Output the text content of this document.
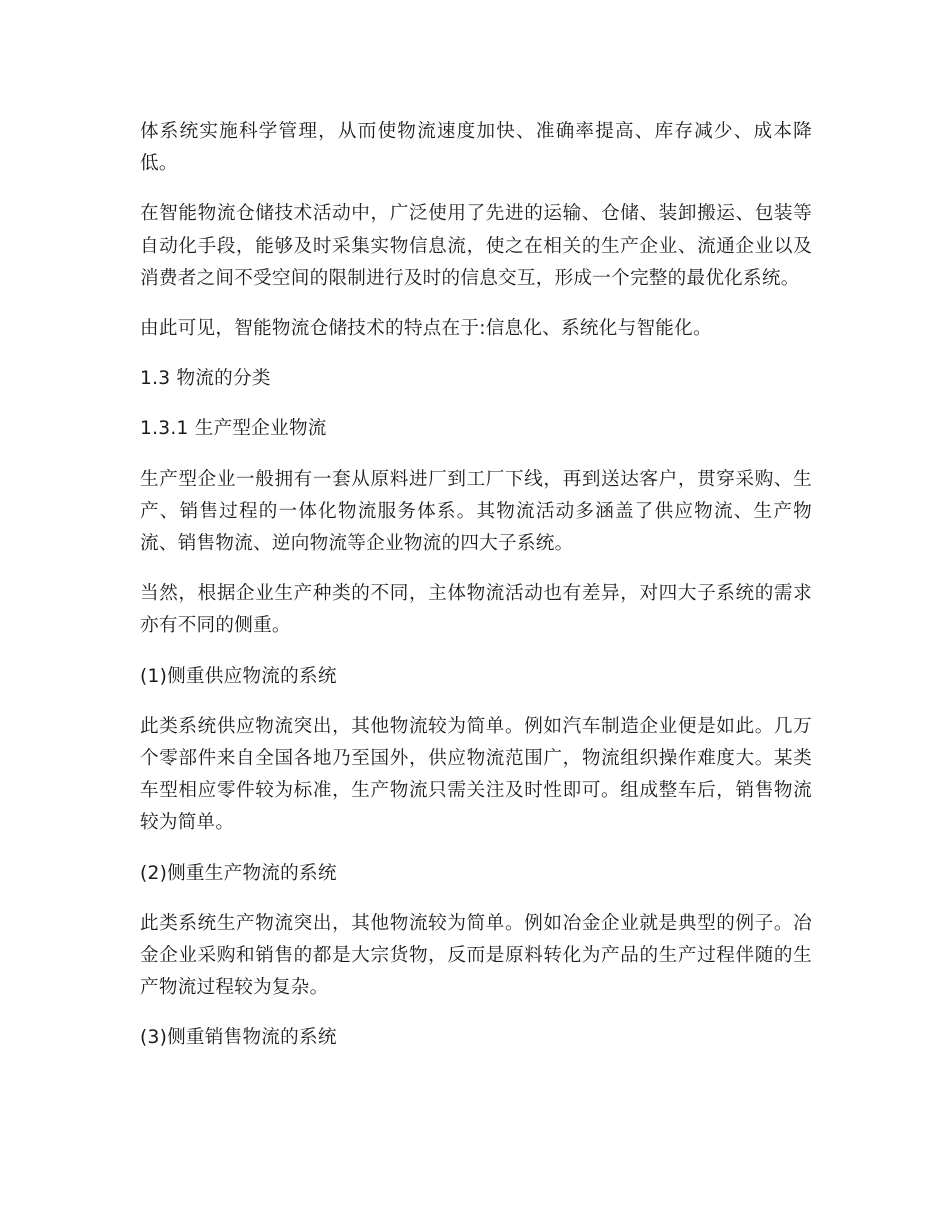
体系统实施科学管理，从而使物流速度加快、准确率提高、库存减少、成本降低。

在智能物流仓储技术活动中，广泛使用了先进的运输、仓储、装卸搬运、包装等自动化手段，能够及时采集实物信息流，使之在相关的生产企业、流通企业以及消费者之间不受空间的限制进行及时的信息交互，形成一个完整的最优化系统。

由此可见，智能物流仓储技术的特点在于:信息化、系统化与智能化。

1.3 物流的分类

1.3.1 生产型企业物流

生产型企业一般拥有一套从原料进厂到工厂下线，再到送达客户，贯穿采购、生产、销售过程的一体化物流服务体系。其物流活动多涵盖了供应物流、生产物流、销售物流、逆向物流等企业物流的四大子系统。

当然，根据企业生产种类的不同，主体物流活动也有差异，对四大子系统的需求亦有不同的侧重。

(1)侧重供应物流的系统

此类系统供应物流突出，其他物流较为简单。例如汽车制造企业便是如此。几万个零部件来自全国各地乃至国外，供应物流范围广，物流组织操作难度大。某类车型相应零件较为标准，生产物流只需关注及时性即可。组成整车后，销售物流较为简单。

(2)侧重生产物流的系统

此类系统生产物流突出，其他物流较为简单。例如冶金企业就是典型的例子。冶金企业采购和销售的都是大宗货物，反而是原料转化为产品的生产过程伴随的生产物流过程较为复杂。

(3)侧重销售物流的系统
